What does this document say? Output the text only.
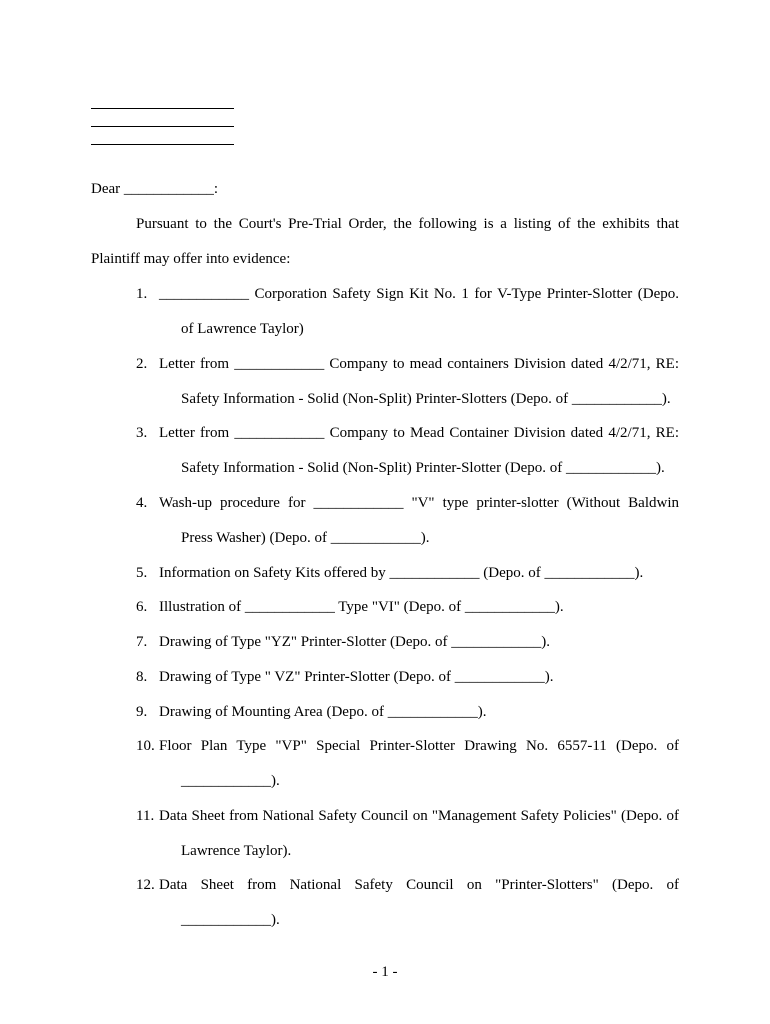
Dear ____________:
Pursuant to the Court's Pre-Trial Order, the following is a listing of the exhibits that
Plaintiff may offer into evidence:
1. ____________ Corporation Safety Sign Kit No. 1 for V-Type Printer-Slotter (Depo.
of Lawrence Taylor)
2. Letter from ____________ Company to mead containers Division dated 4/2/71, RE:
Safety Information - Solid (Non-Split) Printer-Slotters (Depo. of ____________).
3. Letter from ____________ Company to Mead Container Division dated 4/2/71, RE:
Safety Information - Solid (Non-Split) Printer-Slotter (Depo. of ____________).
4. Wash-up procedure for ____________ "V" type printer-slotter (Without Baldwin
Press Washer) (Depo. of ____________).
5. Information on Safety Kits offered by ____________ (Depo. of ____________).
6. Illustration of ____________ Type "VI" (Depo. of ____________).
7. Drawing of Type "YZ" Printer-Slotter (Depo. of ____________).
8. Drawing of Type " VZ" Printer-Slotter (Depo. of ____________).
9. Drawing of Mounting Area (Depo. of ____________).
10. Floor Plan Type "VP" Special Printer-Slotter Drawing No. 6557-11 (Depo. of
____________).
11. Data Sheet from National Safety Council on "Management Safety Policies" (Depo. of
Lawrence Taylor).
12. Data Sheet from National Safety Council on "Printer-Slotters" (Depo. of
____________).
- 1 -
